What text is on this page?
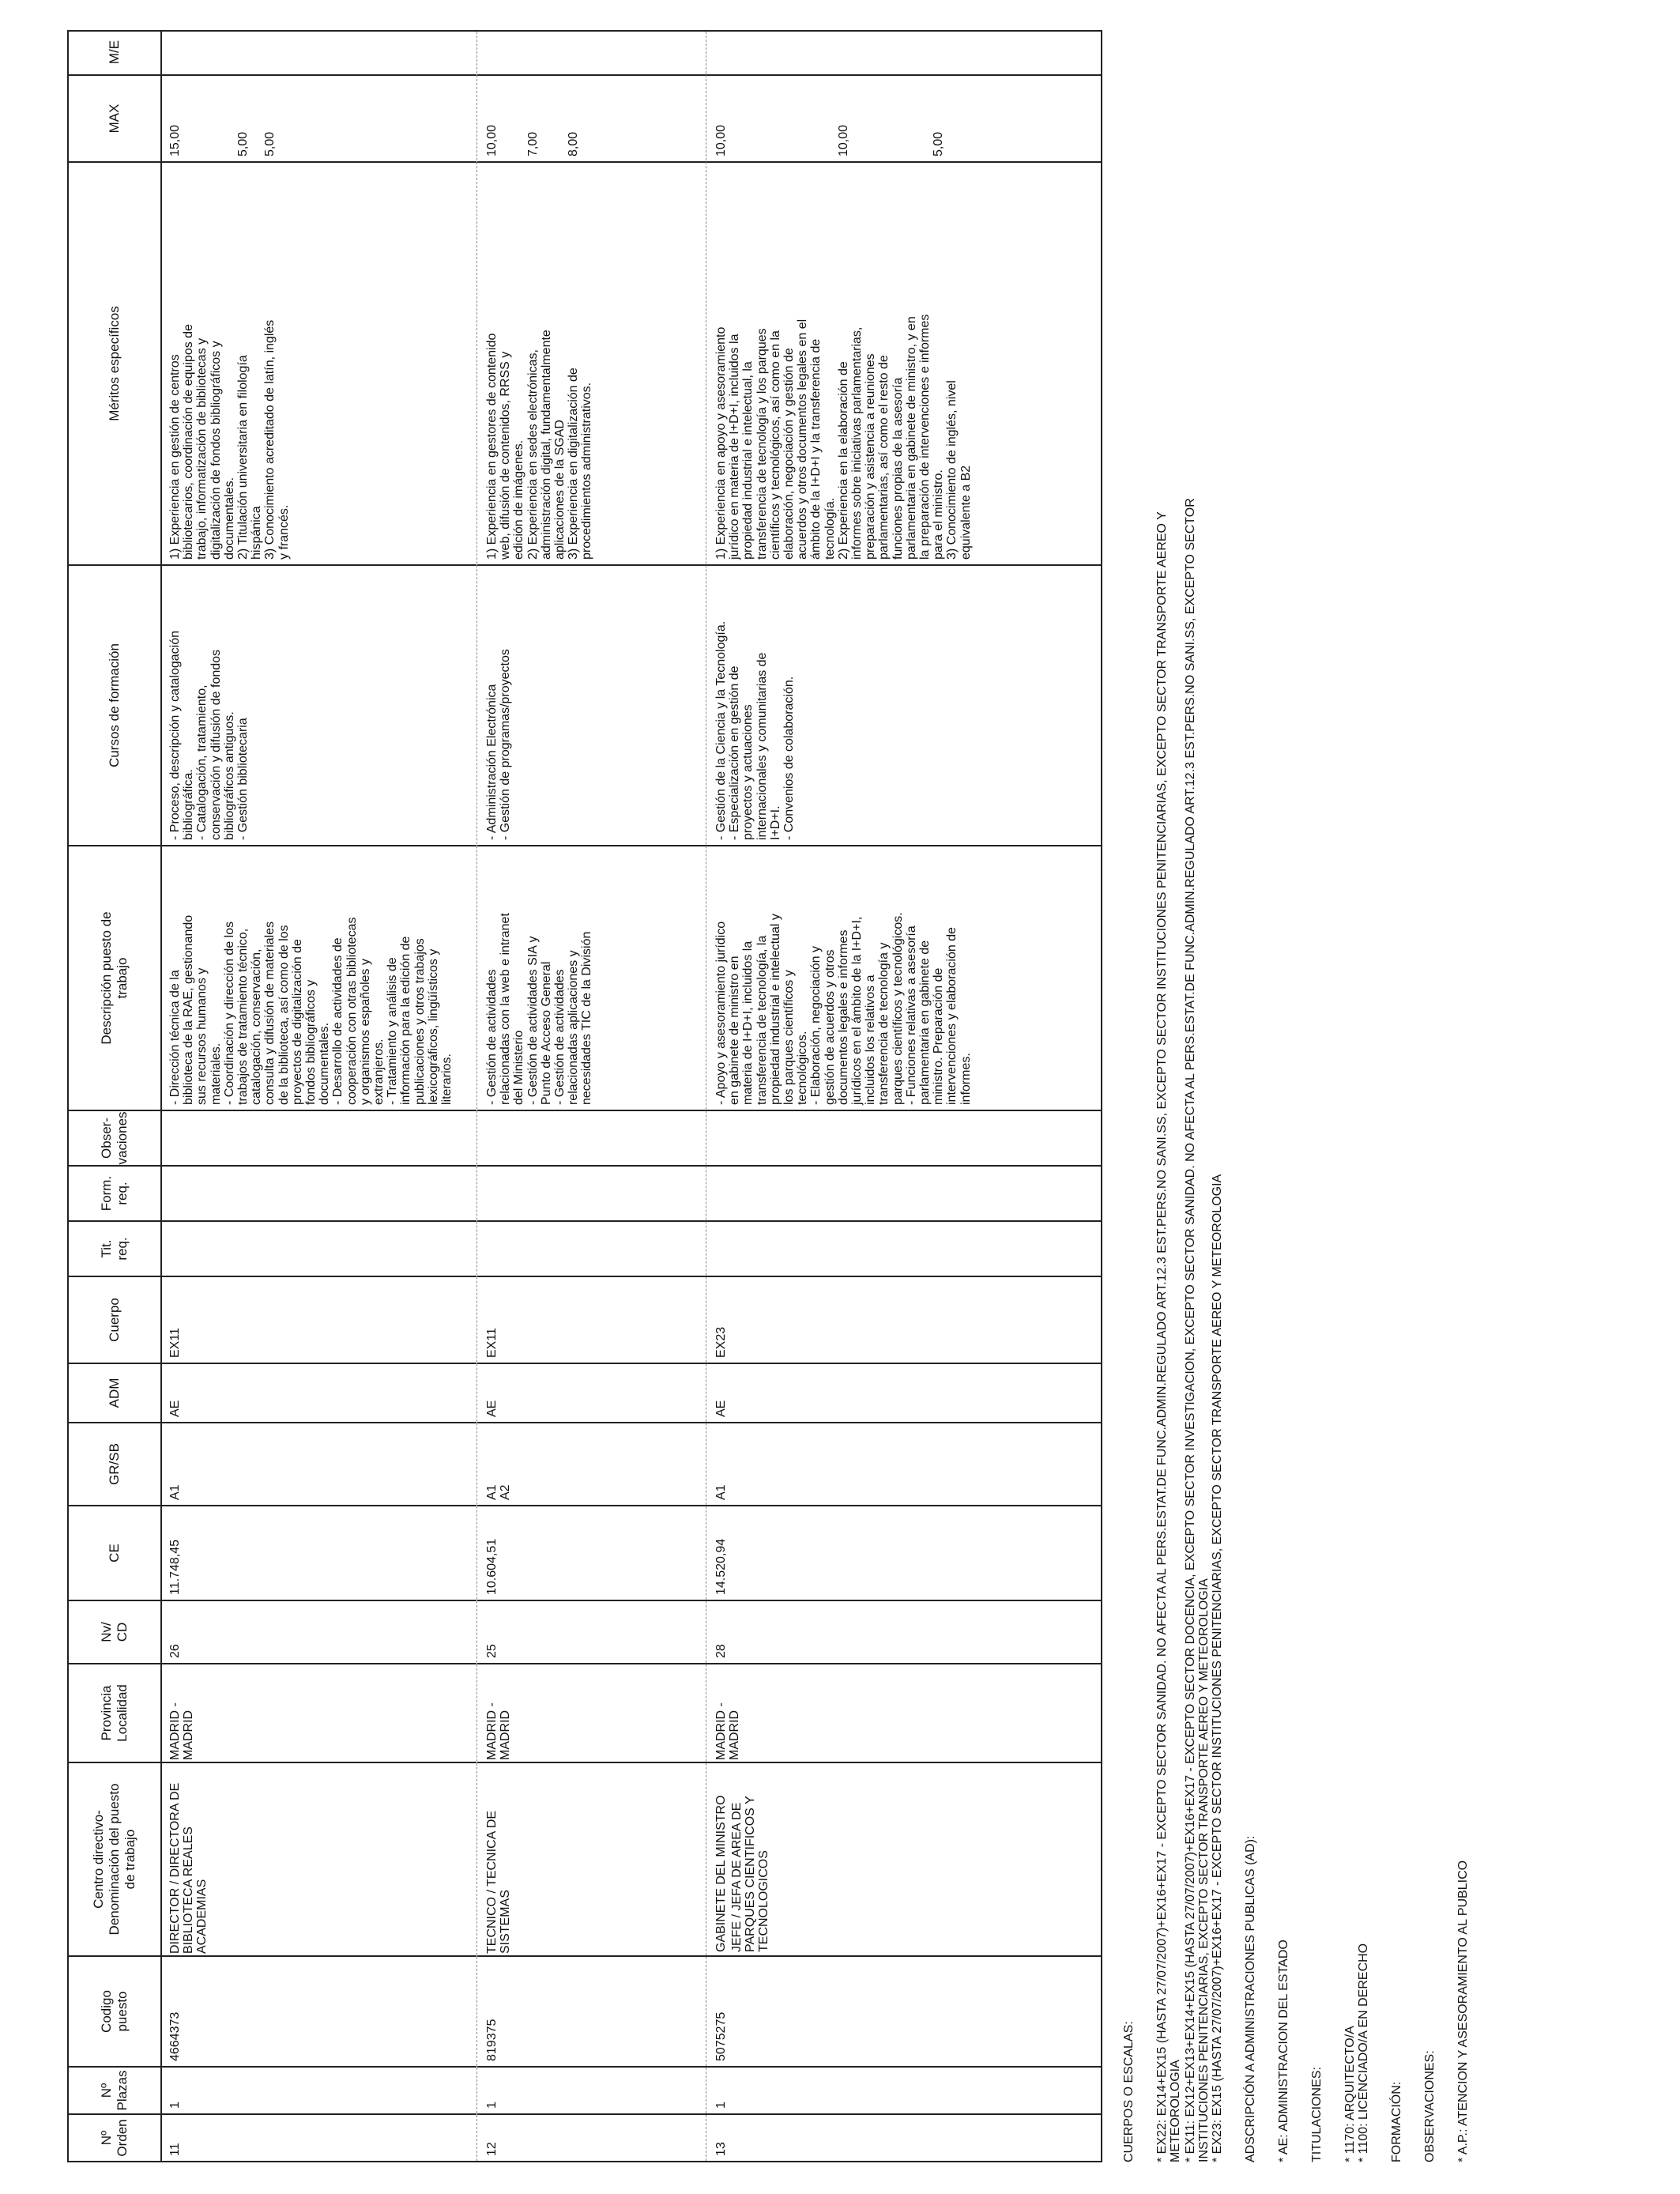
Nº
Orden
Nº
Plazas
Codigo
puesto
Centro directivo-
Denominación del puesto
de trabajo
Provincia
Localidad
Nv/
CD
CE
GR/SB
ADM
Cuerpo
Tit.
req.
Form.
req.
Obser-
vaciones
Descripción puesto de
trabajo
Cursos de formación
Méritos específicos
MAX
M/E
11
1
4664373
DIRECTOR / DIRECTORA DE
BIBLIOTECA REALES
ACADEMIAS
MADRID -
MADRID
26
11.748,45
A1
AE
EX11
- Dirección técnica de la
biblioteca de la RAE, gestionando
sus recursos humanos y
materiales.
- Coordinación y dirección de los
trabajos de tratamiento técnico,
catalogación, conservación,
consulta y difusión de materiales
de la biblioteca, así como de los
proyectos de digitalización de
fondos bibliográficos y
documentales.
- Desarrollo de actividades de
cooperación con otras bibliotecas
y organismos españoles y
extranjeros.
- Tratamiento y análisis de
información para la edición de
publicaciones y otros trabajos
lexicográficos, lingüísticos y
literarios.
- Proceso, descripción y catalogación
bibliográfica.
- Catalogación, tratamiento,
conservación y difusión de fondos
bibliográficos antiguos.
- Gestión bibliotecaria
1) Experiencia en gestión de centros
bibliotecarios, coordinación de equipos de
trabajo, informatización de bibliotecas y
digitalización de fondos bibliográficos y
documentales.
2) Titulación universitaria en filología
hispánica
3) Conocimiento acreditado de latín, inglés
y francés.
15,00

5,00

5,00
12
1
819375
TECNICO / TECNICA DE
SISTEMAS
MADRID -
MADRID
25
10.604,51
A1
A2
AE
EX11
- Gestión de actividades
relacionadas con la web e intranet
del Ministerio
- Gestión de actividades SIA y
Punto de Acceso General
- Gestión de actividades
relacionadas aplicaciones y
necesidades TIC de la División
- Administración Electrónica
- Gestión de programas/proyectos
1) Experiencia en gestores de contenido
web, difusión de contenidos, RRSS y
edición de imágenes.
2) Experiencia en sedes electrónicas,
administración digital, fundamentalmente
aplicaciones de la SGAD
3) Experiencia en digitalización de
procedimientos administrativos.
10,00

7,00

8,00
13
1
5075275
GABINETE DEL MINISTRO JEFE / JEFA DE AREA DE
PARQUES CIENTIFICOS Y
TECNOLOGICOS
MADRID -
MADRID
28
14.520,94
A1
AE
EX23
- Apoyo y asesoramiento jurídico
en gabinete de ministro en
materia de I+D+I, incluidos la
transferencia de tecnología, la
propiedad industrial e intelectual y
los parques científicos y
tecnológicos.
- Elaboración, negociación y
gestión de acuerdos y otros
documentos legales e informes
jurídicos en el ámbito de la I+D+I,
incluidos los relativos a
transferencia de tecnología y
parques científicos y tecnológicos.
- Funciones relativas a asesoría
parlamentaria en gabinete de
ministro. Preparación de
intervenciones y elaboración de
informes.
- Gestión de la Ciencia y la Tecnología.
- Especialización en gestión de
proyectos y actuaciones
internacionales y comunitarias de
I+D+I.
- Convenios de colaboración.
1) Experiencia en apoyo y asesoramiento
jurídico en materia de I+D+I, incluidos la
propiedad industrial e intelectual, la
transferencia de tecnología y los parques
científicos y tecnológicos, así como en la
elaboración, negociación y gestión de
acuerdos y otros documentos legales en el
ámbito de la I+D+I y la transferencia de
tecnología.
2) Experiencia en la elaboración de
informes sobre iniciativas parlamentarias,
preparación y asistencia a reuniones
parlamentarias, así como el resto de
funciones propias de la asesoría
parlamentaria en gabinete de ministro, y en
la preparación de intervenciones e informes
para el ministro.
3) Conocimiento de inglés, nivel
equivalente a B2
10,00

10,00

5,00
CUERPOS O ESCALAS: * EX22: EX14+EX15 (HASTA 27/07/2007)+EX16+EX17 - EXCEPTO SECTOR SANIDAD. NO AFECTA AL PERS.ESTAT.DE FUNC.ADMIN.REGULADO ART.12.3 EST.PERS.NO SANI.SS, EXCEPTO SECTOR INSTITUCIONES PENITENCIARIAS, EXCEPTO SECTOR TRANSPORTE AEREO Y
METEOROLOGIA * EX11: EX12+EX13+EX14+EX15 (HASTA 27/07/2007)+EX16+EX17 - EXCEPTO SECTOR DOCENCIA, EXCEPTO SECTOR INVESTIGACION, EXCEPTO SECTOR SANIDAD. NO AFECTA AL PERS.ESTAT.DE FUNC.ADMIN.REGULADO ART.12.3 EST.PERS.NO SANI.SS, EXCEPTO SECTOR
INSTITUCIONES PENITENCIARIAS, EXCEPTO SECTOR TRANSPORTE AEREO Y METEOROLOGIA * EX23: EX15 (HASTA 27/07/2007)+EX16+EX17 - EXCEPTO SECTOR INSTITUCIONES PENITENCIARIAS, EXCEPTO SECTOR TRANSPORTE AEREO Y METEOROLOGIA ADSCRIPCIÓN A ADMINISTRACIONES PUBLICAS (AD): * AE: ADMINISTRACION DEL ESTADO TITULACIONES: * 1170: ARQUITECTO/A
* 1100: LICENCIADO/A EN DERECHO
FORMACIÓN: OBSERVACIONES: * A.P.: ATENCION Y ASESORAMIENTO AL PUBLICO
